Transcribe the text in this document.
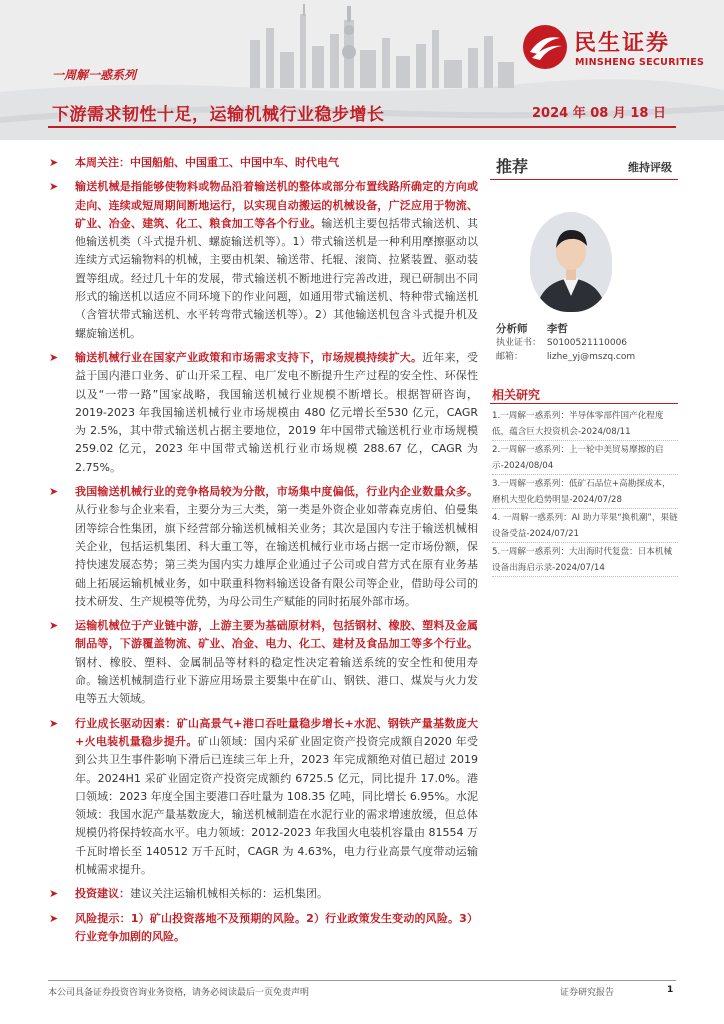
民生证券
MINSHENG SECURITIES
一周解一惑系列
下游需求韧性十足，运输机械行业稳步增长	2024 年 08 月 18 日
➤ 本周关注：中国船舶、中国重工、中国中车、时代电气
➤ 输送机械是指能够使物料或物品沿着输送机的整体或部分布置线路所确定的方向或走向、连续或短周期间断地运行，以实现自动搬运的机械设备，广泛应用于物流、矿业、冶金、建筑、化工、粮食加工等各个行业。输送机主要包括带式输送机、其他输送机类（斗式提升机、螺旋输送机等）。1）带式输送机是一种利用摩擦驱动以连续方式运输物料的机械，主要由机架、输送带、托辊、滚筒、拉紧装置、驱动装置等组成。经过几十年的发展，带式输送机不断地进行完善改进，现已研制出不同形式的输送机以适应不同环境下的作业问题，如通用带式输送机、特种带式输送机（含管状带式输送机、水平转弯带式输送机等）。2）其他输送机包含斗式提升机及螺旋输送机。
➤ 输送机械行业在国家产业政策和市场需求支持下，市场规模持续扩大。近年来，受益于国内港口业务、矿山开采工程、电厂发电不断提升生产过程的安全性、环保性以及“一带一路”国家战略，我国输送机械行业规模不断增长。根据智研咨询，2019-2023 年我国输送机械行业市场规模由 480 亿元增长至530 亿元，CAGR 为 2.5%，其中带式输送机占据主要地位，2019 年中国带式输送机行业市场规模 259.02 亿元，2023 年中国带式输送机行业市场规模 288.67 亿，CAGR 为 2.75%。
➤ 我国输送机械行业的竞争格局较为分散，市场集中度偏低，行业内企业数量众多。从行业参与企业来看，主要分为三大类，第一类是外资企业如蒂森克虏伯、伯曼集团等综合性集团，旗下经营部分输送机械相关业务；其次是国内专注于输送机械相关企业，包括运机集团、科大重工等，在输送机械行业市场占据一定市场份额，保持快速发展态势；第三类为国内实力雄厚企业通过子公司或自营方式在原有业务基础上拓展运输机械业务，如中联重科物料输送设备有限公司等企业，借助母公司的技术研发、生产规模等优势，为母公司生产赋能的同时拓展外部市场。
➤ 运输机械位于产业链中游，上游主要为基础原材料，包括钢材、橡胶、塑料及金属制品等，下游覆盖物流、矿业、冶金、电力、化工、建材及食品加工等多个行业。钢材、橡胶、塑料、金属制品等材料的稳定性决定着输送系统的安全性和使用寿命。输送机械制造行业下游应用场景主要集中在矿山、钢铁、港口、煤炭与火力发电等五大领域。
➤ 行业成长驱动因素：矿山高景气+港口吞吐量稳步增长+水泥、钢铁产量基数庞大+火电装机量稳步提升。矿山领域：国内采矿业固定资产投资完成额自2020 年受到公共卫生事件影响下滑后已连续三年上升，2023 年完成额绝对值已超过 2019 年。2024H1 采矿业固定资产投资完成额约 6725.5 亿元，同比提升 17.0%。港口领域：2023 年度全国主要港口吞吐量为 108.35 亿吨，同比增长 6.95%。水泥领域：我国水泥产量基数庞大，输送机械制造在水泥行业的需求增速放缓，但总体规模仍将保持较高水平。电力领域：2012-2023 年我国火电装机容量由 81554 万千瓦时增长至 140512 万千瓦时，CAGR 为 4.63%，电力行业高景气度带动运输机械需求提升。
➤ 投资建议：建议关注运输机械相关标的：运机集团。
➤ 风险提示：1）矿山投资落地不及预期的风险。2）行业政策发生变动的风险。3）行业竞争加剧的风险。
推荐	维持评级
分析师 李哲
执业证书： S0100521110006
邮箱：	lizhe_yj@mszq.com
相关研究
1.一周解一惑系列：半导体零部件国产化程度低，蕴含巨大投资机会-2024/08/11
2.一周解一惑系列：上一轮中美贸易摩擦的启示-2024/08/04
3.一周解一惑系列：低矿石品位+高勘探成本，磨机大型化趋势明显-2024/07/28
4. 一周解一惑系列：AI 助力苹果“换机潮”，果链设备受益-2024/07/21
5.一周解一惑系列：大出海时代复盘：日本机械设备出海启示录-2024/07/14
本公司具备证券投资咨询业务资格，请务必阅读最后一页免责声明	证券研究报告	1
